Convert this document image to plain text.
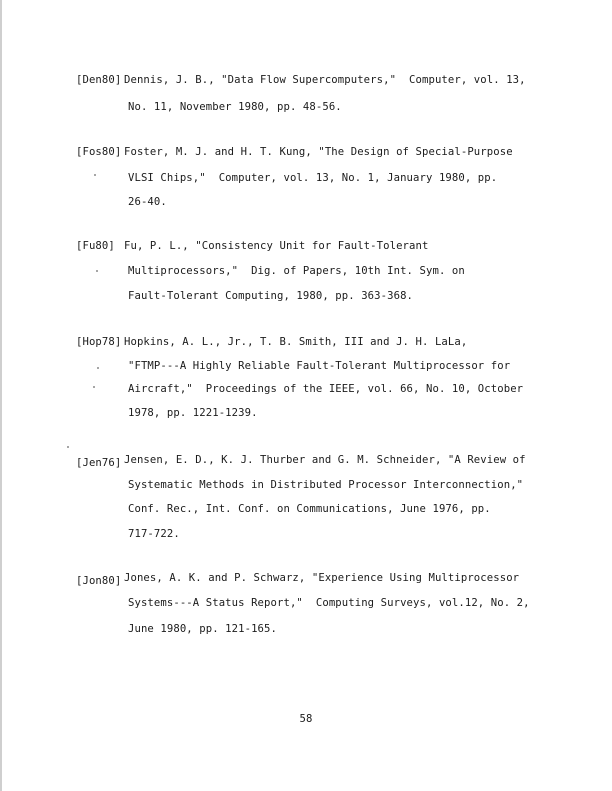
[Den80] Dennis, J. B., "Data Flow Supercomputers,"  Computer, vol. 13,
No. 11, November 1980, pp. 48-56.
[Fos80] Foster, M. J. and H. T. Kung, "The Design of Special-Purpose
VLSI Chips,"  Computer, vol. 13, No. 1, January 1980, pp.
26-40.
[Fu80] Fu, P. L., "Consistency Unit for Fault-Tolerant
Multiprocessors,"  Dig. of Papers, 10th Int. Sym. on
Fault-Tolerant Computing, 1980, pp. 363-368.
[Hop78] Hopkins, A. L., Jr., T. B. Smith, III and J. H. LaLa,
"FTMP---A Highly Reliable Fault-Tolerant Multiprocessor for
Aircraft,"  Proceedings of the IEEE, vol. 66, No. 10, October
1978, pp. 1221-1239.
[Jen76] Jensen, E. D., K. J. Thurber and G. M. Schneider, "A Review of
Systematic Methods in Distributed Processor Interconnection,"
Conf. Rec., Int. Conf. on Communications, June 1976, pp.
717-722.
[Jon80] Jones, A. K. and P. Schwarz, "Experience Using Multiprocessor
Systems---A Status Report,"  Computing Surveys, vol.12, No. 2,
June 1980, pp. 121-165.
58
